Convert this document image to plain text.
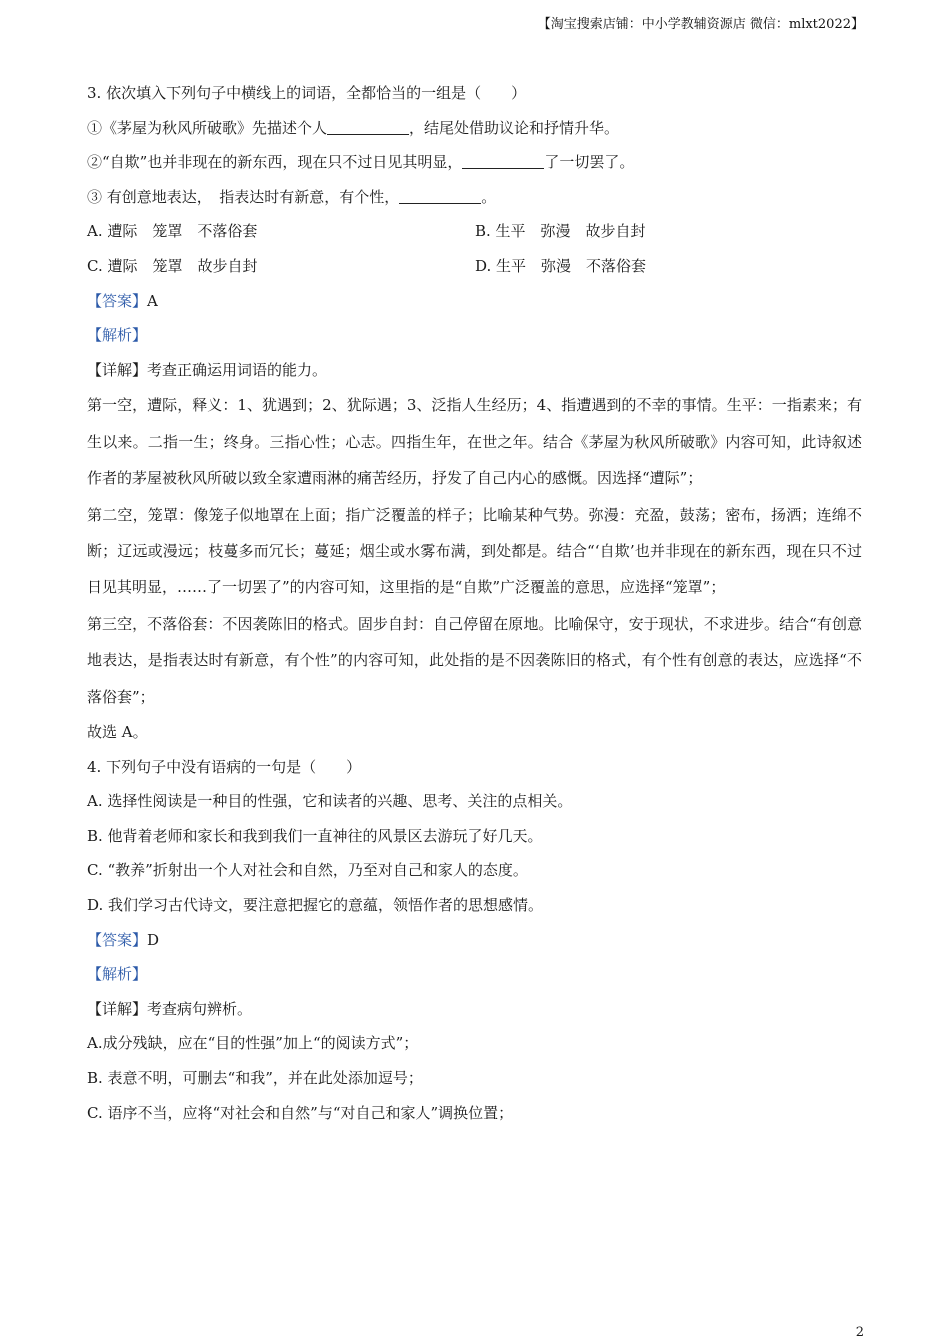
【淘宝搜索店铺：中小学教辅资源店 微信：mlxt2022】
3. 依次填入下列句子中横线上的词语，全都恰当的一组是（　　）
①《茅屋为秋风所破歌》先描述个人	，结尾处借助议论和抒情升华。
②“自欺”也并非现在的新东西，现在只不过日见其明显，	了一切罢了。
③ 有创意地表达，　指表达时有新意，有个性，	。
A. 遭际　笼罩　不落俗套	B. 生平　弥漫　故步自封
C. 遭际　笼罩　故步自封	D. 生平　弥漫　不落俗套
【答案】A
【解析】
【详解】考查正确运用词语的能力。
第一空，遭际，释义：1、犹遇到；2、犹际遇；3、泛指人生经历；4、指遭遇到的不幸的事情。生平：一指素来；有生以来。二指一生；终身。三指心性；心志。四指生年，在世之年。结合《茅屋为秋风所破歌》内容可知，此诗叙述作者的茅屋被秋风所破以致全家遭雨淋的痛苦经历，抒发了自己内心的感慨。因选择“遭际”；
第二空，笼罩：像笼子似地罩在上面；指广泛覆盖的样子；比喻某种气势。弥漫：充盈，鼓荡；密布，扬洒；连绵不断；辽远或漫远；枝蔓多而冗长；蔓延；烟尘或水雾布满，到处都是。结合“‘自欺’也并非现在的新东西，现在只不过日见其明显，……了一切罢了”的内容可知，这里指的是“自欺”广泛覆盖的意思，应选择“笼罩”；
第三空，不落俗套：不因袭陈旧的格式。固步自封：自己停留在原地。比喻保守，安于现状，不求进步。结合“有创意地表达，是指表达时有新意，有个性”的内容可知，此处指的是不因袭陈旧的格式，有个性有创意的表达，应选择“不落俗套”；
故选 A。
4. 下列句子中没有语病的一句是（　　）
A. 选择性阅读是一种目的性强，它和读者的兴趣、思考、关注的点相关。
B. 他背着老师和家长和我到我们一直神往的风景区去游玩了好几天。
C. “教养”折射出一个人对社会和自然，乃至对自己和家人的态度。
D. 我们学习古代诗文，要注意把握它的意蕴，领悟作者的思想感情。
【答案】D
【解析】
【详解】考查病句辨析。
A.成分残缺，应在“目的性强”加上“的阅读方式”；
B. 表意不明，可删去“和我”，并在此处添加逗号；
C. 语序不当，应将“对社会和自然”与“对自己和家人”调换位置；
2
